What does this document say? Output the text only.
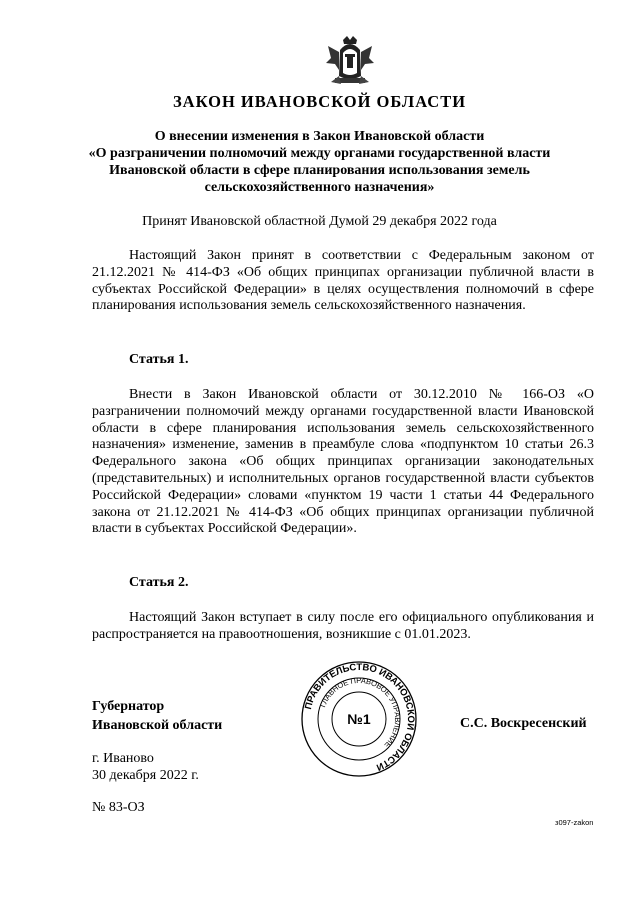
ЗАКОН ИВАНОВСКОЙ ОБЛАСТИ
О внесении изменения в Закон Ивановской области
«О разграничении полномочий между органами государственной власти
Ивановской области в сфере планирования использования земель
сельскохозяйственного назначения»
Принят Ивановской областной Думой 29 декабря 2022 года

Настоящий Закон принят в соответствии с Федеральным законом от 21.12.2021 № 414-ФЗ «Об общих принципах организации публичной власти в субъектах Российской Федерации» в целях осуществления полномочий в сфере планирования использования земель сельскохозяйственного назначения.

Статья 1.

Внести в Закон Ивановской области от 30.12.2010 № 166-ОЗ «О разграничении полномочий между органами государственной власти Ивановской области в сфере планирования использования земель сельскохозяйственного назначения» изменение, заменив в преамбуле слова «подпунктом 10 статьи 26.3 Федерального закона «Об общих принципах организации законодательных (представительных) и исполнительных органов государственной власти субъектов Российской Федерации» словами «пунктом 19 части 1 статьи 44 Федерального закона от 21.12.2021 № 414-ФЗ «Об общих принципах организации публичной власти в субъектах Российской Федерации».

Статья 2.

Настоящий Закон вступает в силу после его официального опубликования и распространяется на правоотношения, возникшие с 01.01.2023.

Губернатор
Ивановской области
ПРАВИТЕЛЬСТВО ИВАНОВСКОЙ ОБЛАСТИ
ГЛАВНОЕ ПРАВОВОЕ УПРАВЛЕНИЕ
№1	С.С. Воскресенский
г. Иваново
30 декабря 2022 г.
№ 83-ОЗ
з097-zakon
